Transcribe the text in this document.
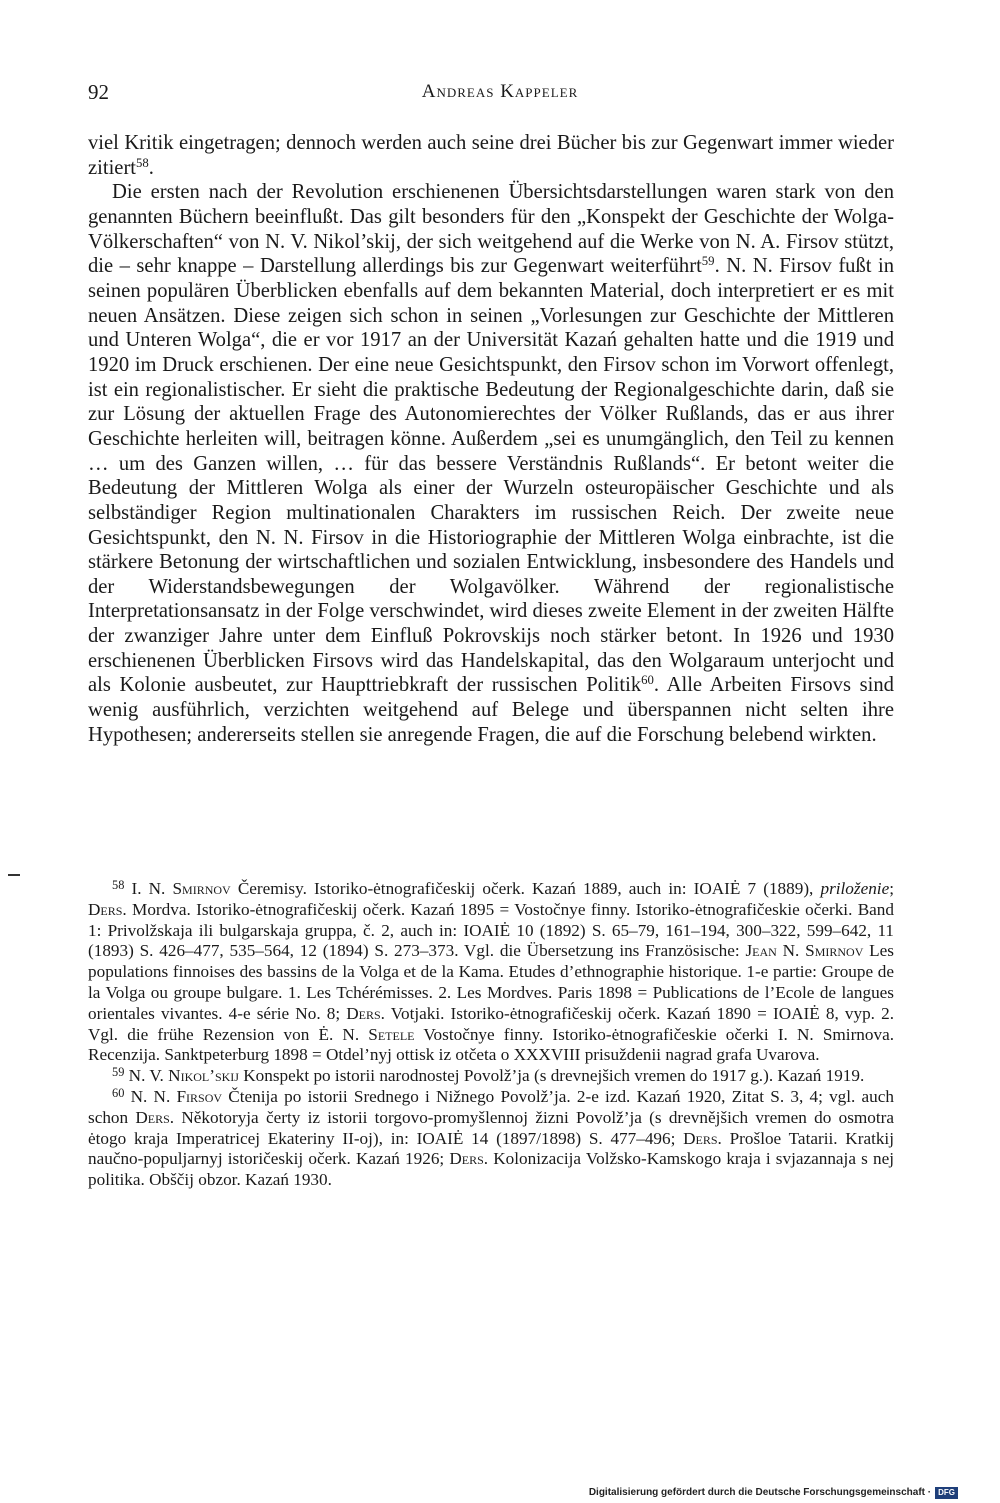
92	Andreas Kappeler

viel Kritik eingetragen; dennoch werden auch seine drei Bücher bis zur Gegenwart immer wieder zitiert$^{58}$.

Die ersten nach der Revolution erschienenen Übersichtsdarstellungen waren stark von den genannten Büchern beeinflußt. Das gilt besonders für den „Konspekt der Geschichte der Wolga-Völkerschaften“ von N. V. Nikol’skij, der sich weitgehend auf die Werke von N. A. Firsov stützt, die – sehr knappe – Darstellung allerdings bis zur Gegenwart weiterführt$^{59}$. N. N. Firsov fußt in seinen populären Überblicken ebenfalls auf dem bekannten Material, doch interpretiert er es mit neuen Ansätzen. Diese zeigen sich schon in seinen „Vorlesungen zur Geschichte der Mittleren und Unteren Wolga“, die er vor 1917 an der Universität Kazań gehalten hatte und die 1919 und 1920 im Druck erschienen. Der eine neue Gesichtspunkt, den Firsov schon im Vorwort offenlegt, ist ein regionalistischer. Er sieht die praktische Bedeutung der Regionalgeschichte darin, daß sie zur Lösung der aktuellen Frage des Autonomierechtes der Völker Rußlands, das er aus ihrer Geschichte herleiten will, beitragen könne. Außerdem „sei es unumgänglich, den Teil zu kennen … um des Ganzen willen, … für das bessere Verständnis Rußlands“. Er betont weiter die Bedeutung der Mittleren Wolga als einer der Wurzeln osteuropäischer Geschichte und als selbständiger Region multinationalen Charakters im russischen Reich. Der zweite neue Gesichtspunkt, den N. N. Firsov in die Historiographie der Mittleren Wolga einbrachte, ist die stärkere Betonung der wirtschaftlichen und sozialen Entwicklung, insbesondere des Handels und der Widerstandsbewegungen der Wolgavölker. Während der regionalistische Interpretationsansatz in der Folge verschwindet, wird dieses zweite Element in der zweiten Hälfte der zwanziger Jahre unter dem Einfluß Pokrovskijs noch stärker betont. In 1926 und 1930 erschienenen Überblicken Firsovs wird das Handelskapital, das den Wolgaraum unterjocht und als Kolonie ausbeutet, zur Haupttriebkraft der russischen Politik$^{60}$. Alle Arbeiten Firsovs sind wenig ausführlich, verzichten weitgehend auf Belege und überspannen nicht selten ihre Hypothesen; andererseits stellen sie anregende Fragen, die auf die Forschung belebend wirkten.

$^{58}$ I. N. Smirnov Čeremisy. Istoriko-ėtnografičeskij očerk. Kazań 1889, auch in: IOAIĖ 7 (1889), priloženie; Ders. Mordva. Istoriko-ėtnografičeskij očerk. Kazań 1895 = Vostočnye finny. Istoriko-ėtnografičeskie očerki. Band 1: Privolžskaja ili bulgarskaja gruppa, č. 2, auch in: IOAIĖ 10 (1892) S. 65–79, 161–194, 300–322, 599–642, 11 (1893) S. 426–477, 535–564, 12 (1894) S. 273–373. Vgl. die Übersetzung ins Französische: Jean N. Smirnov Les populations finnoises des bassins de la Volga et de la Kama. Etudes d’ethnographie historique. 1-e partie: Groupe de la Volga ou groupe bulgare. 1. Les Tchérémisses. 2. Les Mordves. Paris 1898 = Publications de l’Ecole de langues orientales vivantes. 4-e série No. 8; Ders. Votjaki. Istoriko-ėtnografičeskij očerk. Kazań 1890 = IOAIĖ 8, vyp. 2. Vgl. die frühe Rezension von Ė. N. Setele Vostočnye finny. Istoriko-ėtnografičeskie očerki I. N. Smirnova. Recenzija. Sanktpeterburg 1898 = Otdel’nyj ottisk iz otčeta o XXXVIII prisuždenii nagrad grafa Uvarova.

$^{59}$ N. V. Nikol’skij Konspekt po istorii narodnostej Povolž’ja (s drevnejšich vremen do 1917 g.). Kazań 1919.

$^{60}$ N. N. Firsov Čtenija po istorii Srednego i Nižnego Povolž’ja. 2-e izd. Kazań 1920, Zitat S. 3, 4; vgl. auch schon Ders. Někotoryja čerty iz istorii torgovo-promyšlennoj žizni Povolž’ja (s drevnějšich vremen do osmotra ėtogo kraja Imperatricej Ekateriny II-oj), in: IOAIĖ 14 (1897/1898) S. 477–496; Ders. Prošloe Tatarii. Kratkij naučno-populjarnyj istoričeskij očerk. Kazań 1926; Ders. Kolonizacija Volžsko-Kamskogo kraja i svjazannaja s nej politika. Obščij obzor. Kazań 1930.

Digitalisierung gefördert durch die Deutsche Forschungsgemeinschaft · DFG
